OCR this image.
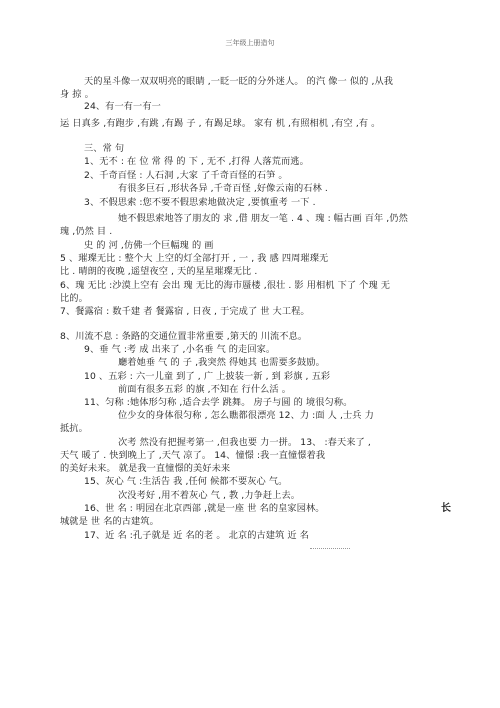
三年级上册造句
天的星斗像一双双明亮的眼睛 ,一眨一眨的分外迷人。 的汽 像一 似的 ,从我
身 掠 。
24、有一有一有一
运 日真多 ,有跑步 ,有跳 ,有踢 子 , 有踢足球。 家有 机 ,有照相机 ,有空 ,有 。
三、常 句
1、无不 : 在 位 常 得 的 下 , 无不 ,打得 人落荒而逃。
2、千奇百怪 : 人石洞 ,大家 了千奇百怪的石笋 。
有很多巨石 ,形状各异 ,千奇百怪 ,好像云南的石林 .
3、不假思索 :您不要不假思索地做决定 ,要慎重考 一下 .
她不假思索地答了朋友的 求 ,借 朋友一笔 . 4 、瑰 : 幅古画 百年 ,仍然
瑰 ,仍然 目 .
史 的 河 ,仿佛一个巨幅瑰 的 画
5 、璀璨无比 : 整个大 上空的灯全部打开 , 一 , 我 感 四周璀璨无
比 . 晴朗的夜晚 ,遥望夜空 , 天的星星璀璨无比 .
6、瑰 无比 :沙漠上空有 会出 瑰 无比的海市蜃楼 ,很壮 . 影 用相机 下了 个瑰 无
比的。
7、餐露宿 : 数千建 者 餐露宿 , 日夜 , 于完成了 世 大工程。
8、川流不息 : 条路的交通位置非常重要 ,第天的 川流不息。
9、垂 气 :考 成 出来了 ,小名垂 气 的走回家。
廳着她垂 气 的 子 ,我突然 得她其 也需要多鼓励。
10 、五彩 : 六一儿童 到了 , 广 上披装一新 , 到 彩旗 , 五彩
前面有很多五彩 的旗 ,不知在 行什么活 。
11、匀称 :她体形匀称 ,适合去学 跳舞。 房子与圆 的 境很匀称。
位少女的身体很匀称 , 怎么瞧都很漂亮 12、力 :面 人 ,士兵 力
抵抗。
次考 然没有把握考第一 ,但我也要 力一拼。 13、 :春天来了 ,
天气 暖了 . 快到晚上了 ,天气 凉了。 14、憧憬 :我一直憧憬着我
的美好未来。 就是我一直憧憬的美好未来
15、灰心 气 :生活告 我 ,任何 候都不要灰心 气。
次没考好 ,用不着灰心 气 , 教 ,力争赶上去。
16、世 名 : 明园在北京西部 ,就是一座 世 名的皇家园林。
城就是 世 名的古建筑。
17、近 名 :孔子就是 近 名的老 。 北京的古建筑 近 名
长
